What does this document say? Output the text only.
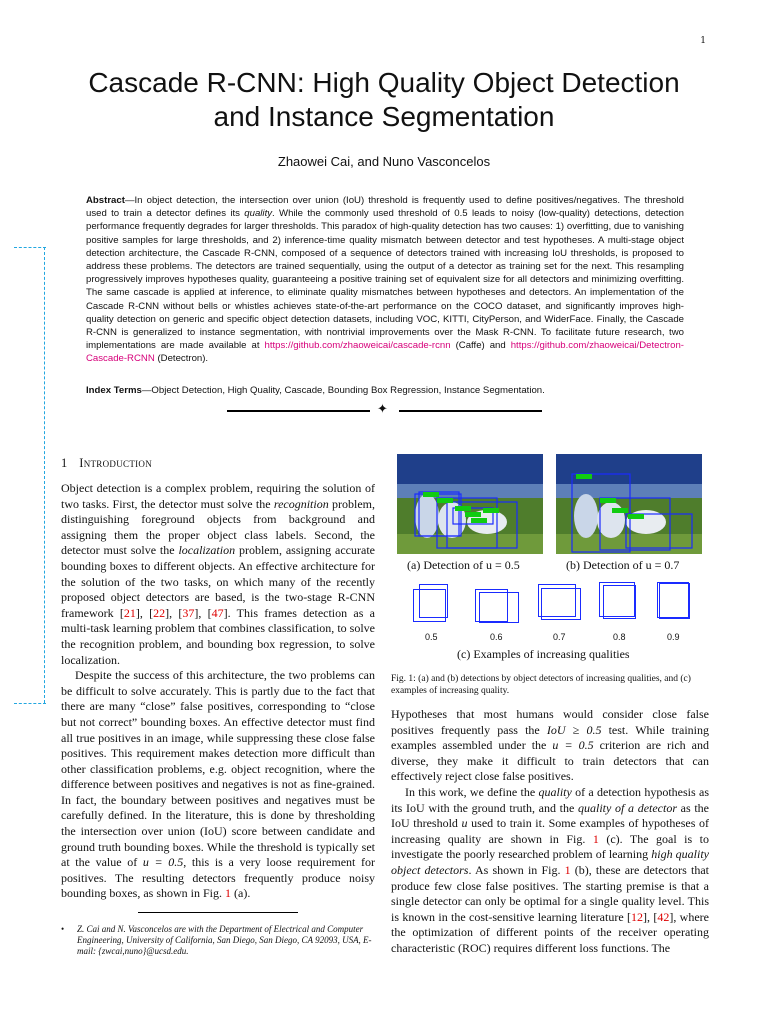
1
Cascade R-CNN: High Quality Object Detection
and Instance Segmentation
Zhaowei Cai, and Nuno Vasconcelos
Abstract—In object detection, the intersection over union (IoU) threshold is frequently used to define positives/negatives. The threshold used to train a detector defines its quality. While the commonly used threshold of 0.5 leads to noisy (low-quality) detections, detection performance frequently degrades for larger thresholds. This paradox of high-quality detection has two causes: 1) overfitting, due to vanishing positive samples for large thresholds, and 2) inference-time quality mismatch between detector and test hypotheses. A multi-stage object detection architecture, the Cascade R-CNN, composed of a sequence of detectors trained with increasing IoU thresholds, is proposed to address these problems. The detectors are trained sequentially, using the output of a detector as training set for the next. This resampling progressively improves hypotheses quality, guaranteeing a positive training set of equivalent size for all detectors and minimizing overfitting. The same cascade is applied at inference, to eliminate quality mismatches between hypotheses and detectors. An implementation of the Cascade R-CNN without bells or whistles achieves state-of-the-art performance on the COCO dataset, and significantly improves high-quality detection on generic and specific object detection datasets, including VOC, KITTI, CityPerson, and WiderFace. Finally, the Cascade R-CNN is generalized to instance segmentation, with nontrivial improvements over the Mask R-CNN. To facilitate future research, two implementations are made available at https://github.com/zhaoweicai/cascade-rcnn (Caffe) and https://github.com/zhaoweicai/Detectron-Cascade-RCNN (Detectron).
Index Terms—Object Detection, High Quality, Cascade, Bounding Box Regression, Instance Segmentation.
✦
1 Introduction

Object detection is a complex problem, requiring the solution of two tasks. First, the detector must solve the recognition problem, distinguishing foreground objects from background and assigning them the proper object class labels. Second, the detector must solve the localization problem, assigning accurate bounding boxes to different objects. An effective architecture for the solution of the two tasks, on which many of the recently proposed object detectors are based, is the two-stage R-CNN framework [21], [22], [37], [47]. This frames detection as a multi-task learning problem that combines classification, to solve the recognition problem, and bounding box regression, to solve localization.

Despite the success of this architecture, the two problems can be difficult to solve accurately. This is partly due to the fact that there are many “close” false positives, corresponding to “close but not correct” bounding boxes. An effective detector must find all true positives in an image, while suppressing these close false positives. This requirement makes detection more difficult than other classification problems, e.g. object recognition, where the difference between positives and negatives is not as fine-grained. In fact, the boundary between positives and negatives must be carefully defined. In the literature, this is done by thresholding the intersection over union (IoU) score between candidate and ground truth bounding boxes. While the threshold is typically set at the value of u = 0.5, this is a very loose requirement for positives. The resulting detectors frequently produce noisy bounding boxes, as shown in Fig. 1 (a).

• Z. Cai and N. Vasconcelos are with the Department of Electrical and Computer Engineering, University of California, San Diego, San Diego, CA 92093, USA, E-mail: {zwcai,nuno}@ucsd.edu.
(a) Detection of u = 0.5	(b) Detection of u = 0.7
0.5	0.6	0.7	0.8	0.9
(c) Examples of increasing qualities
Fig. 1: (a) and (b) detections by object detectors of increasing qualities, and (c) examples of increasing quality.

Hypotheses that most humans would consider close false positives frequently pass the IoU ≥ 0.5 test. While training examples assembled under the u = 0.5 criterion are rich and diverse, they make it difficult to train detectors that can effectively reject close false positives.

In this work, we define the quality of a detection hypothesis as its IoU with the ground truth, and the quality of a detector as the IoU threshold u used to train it. Some examples of hypotheses of increasing quality are shown in Fig. 1 (c). The goal is to investigate the poorly researched problem of learning high quality object detectors. As shown in Fig. 1 (b), these are detectors that produce few close false positives. The starting premise is that a single detector can only be optimal for a single quality level. This is known in the cost-sensitive learning literature [12], [42], where the optimization of different points of the receiver operating characteristic (ROC) requires different loss functions. The
